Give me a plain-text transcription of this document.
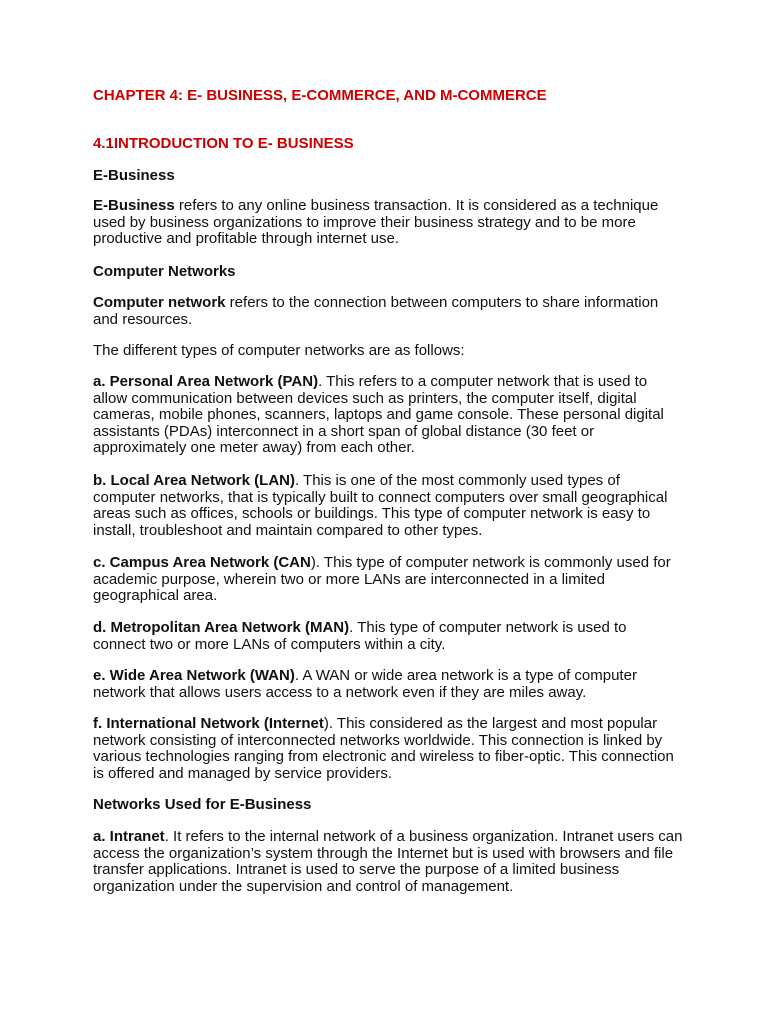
CHAPTER 4: E- BUSINESS, E-COMMERCE, AND M-COMMERCE
4.1INTRODUCTION TO E- BUSINESS
E-Business
E-Business refers to any online business transaction. It is considered as a technique used by business organizations to improve their business strategy and to be more productive and profitable through internet use.
Computer Networks
Computer network refers to the connection between computers to share information and resources.
The different types of computer networks are as follows:
a. Personal Area Network (PAN). This refers to a computer network that is used to allow communication between devices such as printers, the computer itself, digital cameras, mobile phones, scanners, laptops and game console. These personal digital assistants (PDAs) interconnect in a short span of global distance (30 feet or approximately one meter away) from each other.
b. Local Area Network (LAN). This is one of the most commonly used types of computer networks, that is typically built to connect computers over small geographical areas such as offices, schools or buildings. This type of computer network is easy to install, troubleshoot and maintain compared to other types.
c. Campus Area Network (CAN). This type of computer network is commonly used for academic purpose, wherein two or more LANs are interconnected in a limited geographical area.
d. Metropolitan Area Network (MAN). This type of computer network is used to connect two or more LANs of computers within a city.
e. Wide Area Network (WAN). A WAN or wide area network is a type of computer network that allows users access to a network even if they are miles away.
f. International Network (Internet). This considered as the largest and most popular network consisting of interconnected networks worldwide. This connection is linked by various technologies ranging from electronic and wireless to fiber-optic. This connection is offered and managed by service providers.
Networks Used for E-Business
a. Intranet. It refers to the internal network of a business organization. Intranet users can access the organization’s system through the Internet but is used with browsers and file transfer applications. Intranet is used to serve the purpose of a limited business organization under the supervision and control of management.
